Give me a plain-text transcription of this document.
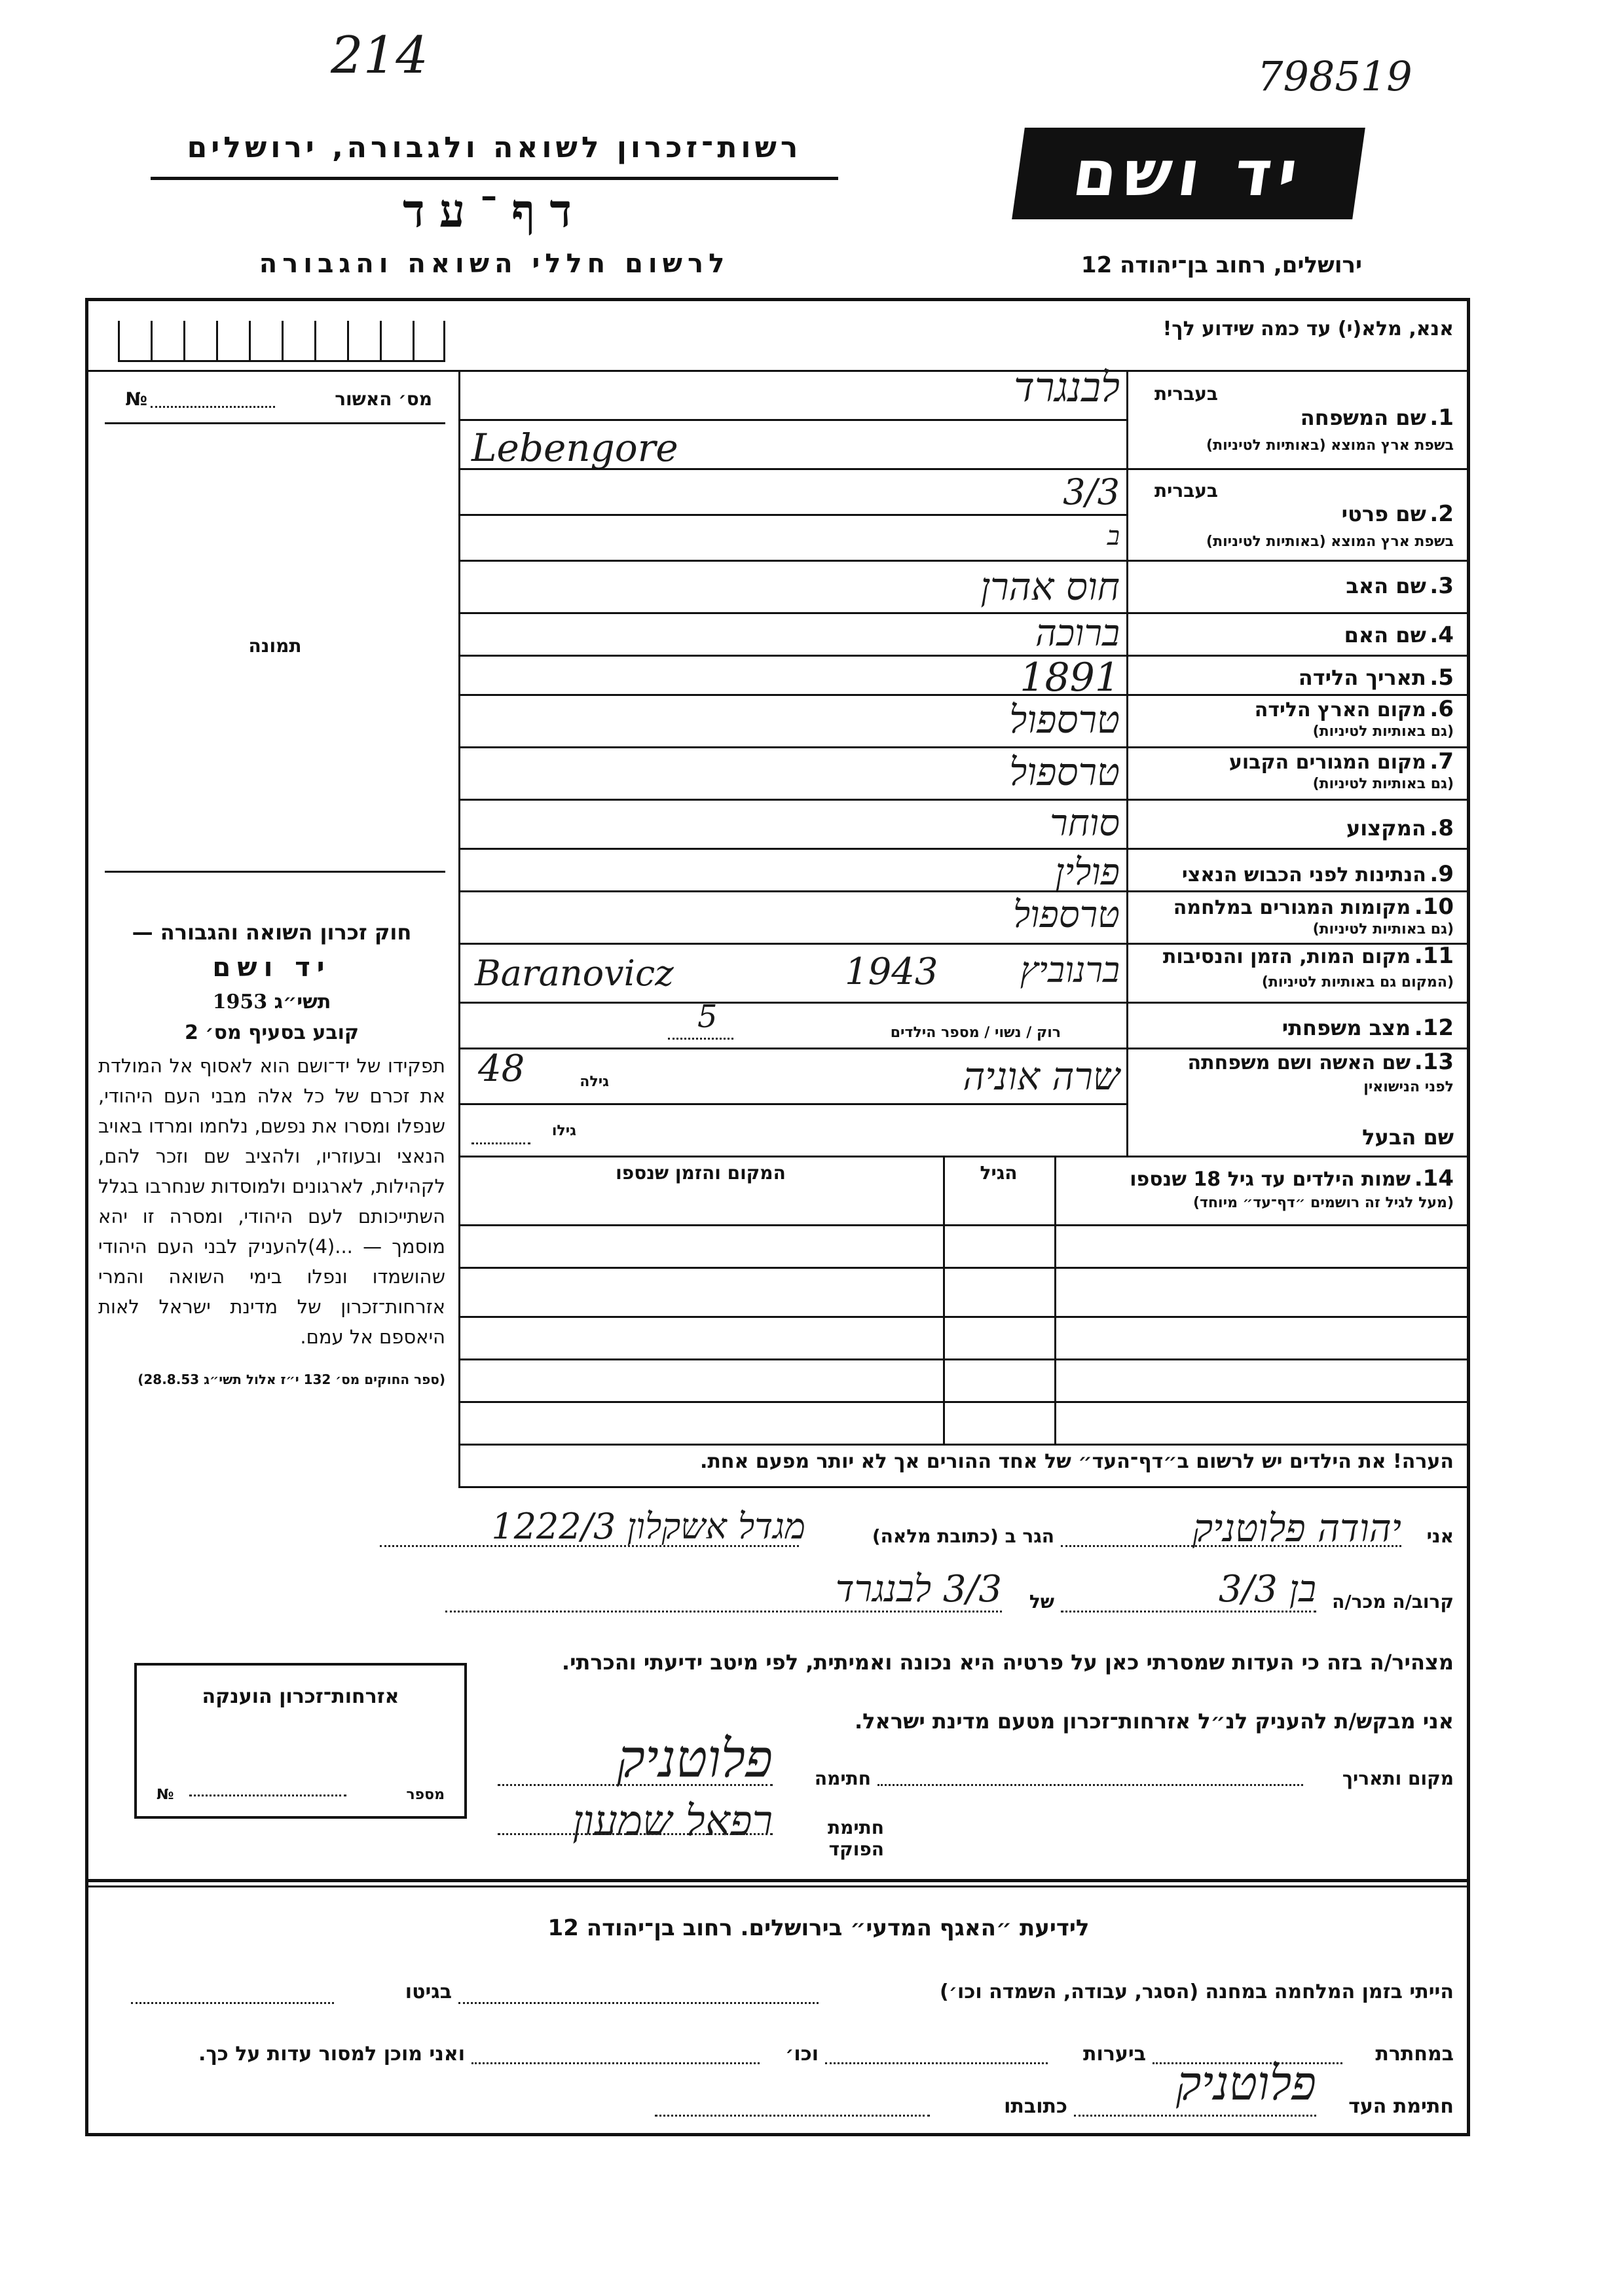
214	798519
רשות־זכרון לשואה ולגבורה, ירושלים
דף־עד
לרשום חללי השואה והגבורה
יד ושם
ירושלים, רחוב בן־יהודה 12
אנא, מלא(י) עד כמה שידוע לך!
מס׳ האשור
№
תמונה
בעברית
בעברית
1. שם המשפחה
בשפת ארץ המוצא (באותיות לטיניות)
לבנגרד
Lebengore
2. שם פרטי
בשפת ארץ המוצא (באותיות לטיניות)
3/3
ב
3. שם האב
חוס אהרן
4. שם האם
ברוכה
5. תאריך הלידה
1891
6. מקום הארץ הלידה
(גם באותיות לטיניות)
טרספול
7. מקום המגורים הקבוע
(גם באותיות לטיניות)
טרספול
8. המקצוע
סוחר
9. הנתינות לפני הכבוש הנאצי
פולין
10. מקומות המגורים במלחמה
(גם באותיות לטיניות)
טרספול

חוק זכרון השואה והגבורה —

יד ושם

תשי״ג 1953

קובע בסעיף מס׳ 2

תפקידו של יד־ושם הוא לאסוף אל המולדת את זכרם של כל אלה מבני העם היהודי, שנפלו ומסרו את נפשם, נלחמו ומרדו באויב הנאצי ובעוזריו, ולהציב שם וזכר להם, לקהילות, לארגונים ולמוסדות שנחרבו בגלל השתייכותם לעם היהודי, ומסרה זו יהא מוסמך — ...(4)להעניק לבני העם היהודי שהושמדו ונפלו בימי השואה והמרי אזרחות־זכרון של מדינת ישראל לאות היאספם אל עמם.

(ספר החוקים מס׳ 132 י״ז אלול תשי״ג 28.8.53)

11. מקום המות, הזמן והנסיבות
(המקום גם באותיות לטיניות)
ברנוביץ
1943
Baranovicz
12. מצב משפחתי
רוק / נשוי / מספר הילדים
5
13. שם האשה ושם משפחתה
לפני הנישואין
שרה אוניה
גילה
48
שם הבעל
גילו
14. שמות הילדים עד גיל 18 שנספו
(מעל לגיל זה רושמים ״דף־עד״ מיוחד)
הגיל
המקום והזמן שנספו
הערה! את הילדים יש לרשום ב״דף־העד״ של אחד ההורים אך לא יותר מפעם אחת.
אני
יהודה פלוטניק
הגר ב (כתובת מלאה)
מגדל אשקלון 1222/3
קרוב/ה מכר/ה
בן 3/3
של
3/3 לבנגרד
מצהיר/ה בזה כי העדות שמסרתי כאן על פרטיה היא נכונה ואמיתית, לפי מיטב ידיעתי והכרתי.
אני מבקש/ת להעניק לנ״ל אזרחות־זכרון מטעם מדינת ישראל.
אזרחות־זכרון הוענקה
מספר
№
מקום ותאריך
חתימה
פלוטניק
חתימת הפוקד
רפאל שמעון
לידיעת ״האגף המדעי״ בירושלים. רחוב בן־יהודה 12
הייתי בזמן המלחמה במחנה (הסגר, עבודה, השמדה וכו׳)
בגיטו
במחתרת
ביערות
וכו׳
ואני מוכן למסור עדות על כך.
חתימת העד
פלוטניק
כתובתו
